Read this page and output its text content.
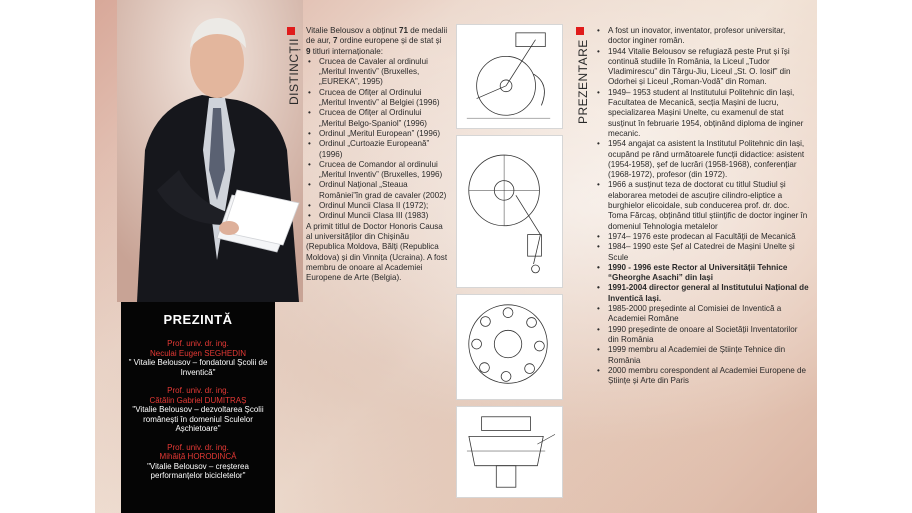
PREZINTĂ
Prof. univ. dr. ing.
Neculai Eugen SEGHEDIN
" Vitalie Belousov – fondatorul Școlii de Inventică"
Prof. univ. dr. ing.
Cătălin Gabriel DUMITRAȘ
"Vitalie Belousov – dezvoltarea Școlii românești în domeniul Sculelor Așchietoare"
Prof. univ. dr. ing.
Mihăiță HORODINCĂ
"Vitalie Belousov – creșterea performanțelor bicicletelor"
DISTINCȚII
Vitalie Belousov a obținut 71 de medalii de aur, 7 ordine europene și de stat și 9 titluri internaționale:
• Crucea de Cavaler al ordinului „Meritul Inventiv” (Bruxelles, „EUREKA”, 1995)
• Crucea de Ofițer al Ordinului „Meritul Inventiv” al Belgiei (1996)
• Crucea de Ofițer al Ordinului „Meritul Belgo-Spaniol” (1996)
• Ordinul „Meritul European” (1996)
• Ordinul „Curtoazie Europeană” (1996)
• Crucea de Comandor al ordinului „Meritul Inventiv” (Bruxelles, 1996)
• Ordinul Național „Steaua României”în grad de cavaler (2002)
• Ordinul Muncii Clasa II (1972);
• Ordinul Muncii Clasa III (1983)
A primit titlul de Doctor Honoris Causa al universităților din Chișinău (Republica Moldova, Bălți (Republica Moldova) și din Vinnița (Ucraina). A fost membru de onoare al Academiei Europene de Arte (Belgia).
PREZENTARE
• A fost un inovator, inventator, profesor universitar, doctor inginer român.
• 1944 Vitalie Belousov se refugiază peste Prut și își continuă studiile în România, la Liceul „Tudor Vladimirescu” din Târgu-Jiu, Liceul „St. O. Iosif” din Odorhei și Liceul „Roman-Vodă” din Roman.
• 1949– 1953 student al Institutului Politehnic din Iași, Facultatea de Mecanică, secția Mașini de lucru, specializarea Mașini Unelte, cu examenul de stat susținut în februarie 1954, obținând diploma de inginer mecanic.
• 1954 angajat ca asistent la Institutul Politehnic din Iași, ocupând pe rând următoarele funcții didactice: asistent (1954-1958), șef de lucrări (1958-1968), conferențiar (1968-1972), profesor (din 1972).
• 1966 a susținut teza de doctorat cu titlul Studiul și elaborarea metodei de ascuțire cilindro-eliptice a burghielor elicoidale, sub conducerea prof. dr. doc. Toma Fărcaș, obținând titlul științific de doctor inginer în domeniul Tehnologia metalelor
• 1974– 1976 este prodecan al Facultății de Mecanică
• 1984– 1990 este Șef al Catedrei de Mașini Unelte și Scule
• 1990 - 1996 este Rector al Universității Tehnice “Gheorghe Asachi” din Iași
• 1991-2004 director general al Institutului Național de Inventică Iași.
• 1985-2000 președinte al Comisiei de Inventică a Academiei Române
• 1990 președinte de onoare al Societății Inventatorilor din România
• 1999 membru al Academiei de Științe Tehnice din România
• 2000 membru corespondent al Academiei Europene de Științe și Arte din Paris
